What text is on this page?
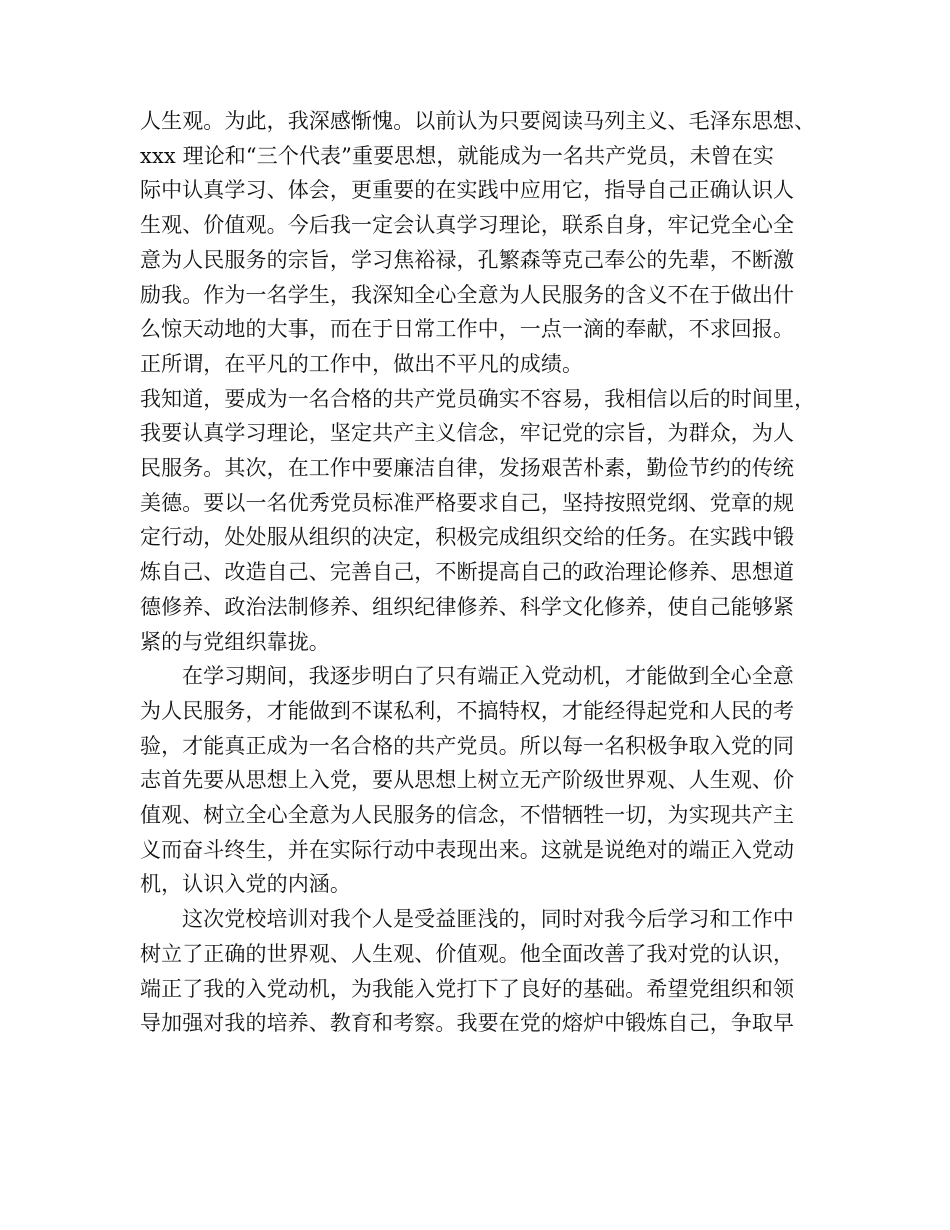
人生观。为此，我深感惭愧。以前认为只要阅读马列主义、毛泽东思想、
xxx 理论和“三个代表”重要思想，就能成为一名共产党员，未曾在实
际中认真学习、体会，更重要的在实践中应用它，指导自己正确认识人
生观、价值观。今后我一定会认真学习理论，联系自身，牢记党全心全
意为人民服务的宗旨，学习焦裕禄，孔繁森等克己奉公的先辈，不断激
励我。作为一名学生，我深知全心全意为人民服务的含义不在于做出什
么惊天动地的大事，而在于日常工作中，一点一滴的奉献，不求回报。
正所谓，在平凡的工作中，做出不平凡的成绩。

我知道，要成为一名合格的共产党员确实不容易，我相信以后的时间里，
我要认真学习理论，坚定共产主义信念，牢记党的宗旨，为群众，为人
民服务。其次，在工作中要廉洁自律，发扬艰苦朴素，勤俭节约的传统
美德。要以一名优秀党员标准严格要求自己，坚持按照党纲、党章的规
定行动，处处服从组织的决定，积极完成组织交给的任务。在实践中锻
炼自己、改造自己、完善自己，不断提高自己的政治理论修养、思想道
德修养、政治法制修养、组织纪律修养、科学文化修养，使自己能够紧
紧的与党组织靠拢。

在学习期间，我逐步明白了只有端正入党动机，才能做到全心全意
为人民服务，才能做到不谋私利，不搞特权，才能经得起党和人民的考
验，才能真正成为一名合格的共产党员。所以每一名积极争取入党的同
志首先要从思想上入党，要从思想上树立无产阶级世界观、人生观、价
值观、树立全心全意为人民服务的信念，不惜牺牲一切，为实现共产主
义而奋斗终生，并在实际行动中表现出来。这就是说绝对的端正入党动
机，认识入党的内涵。

这次党校培训对我个人是受益匪浅的，同时对我今后学习和工作中
树立了正确的世界观、人生观、价值观。他全面改善了我对党的认识，
端正了我的入党动机，为我能入党打下了良好的基础。希望党组织和领
导加强对我的培养、教育和考察。我要在党的熔炉中锻炼自己，争取早
